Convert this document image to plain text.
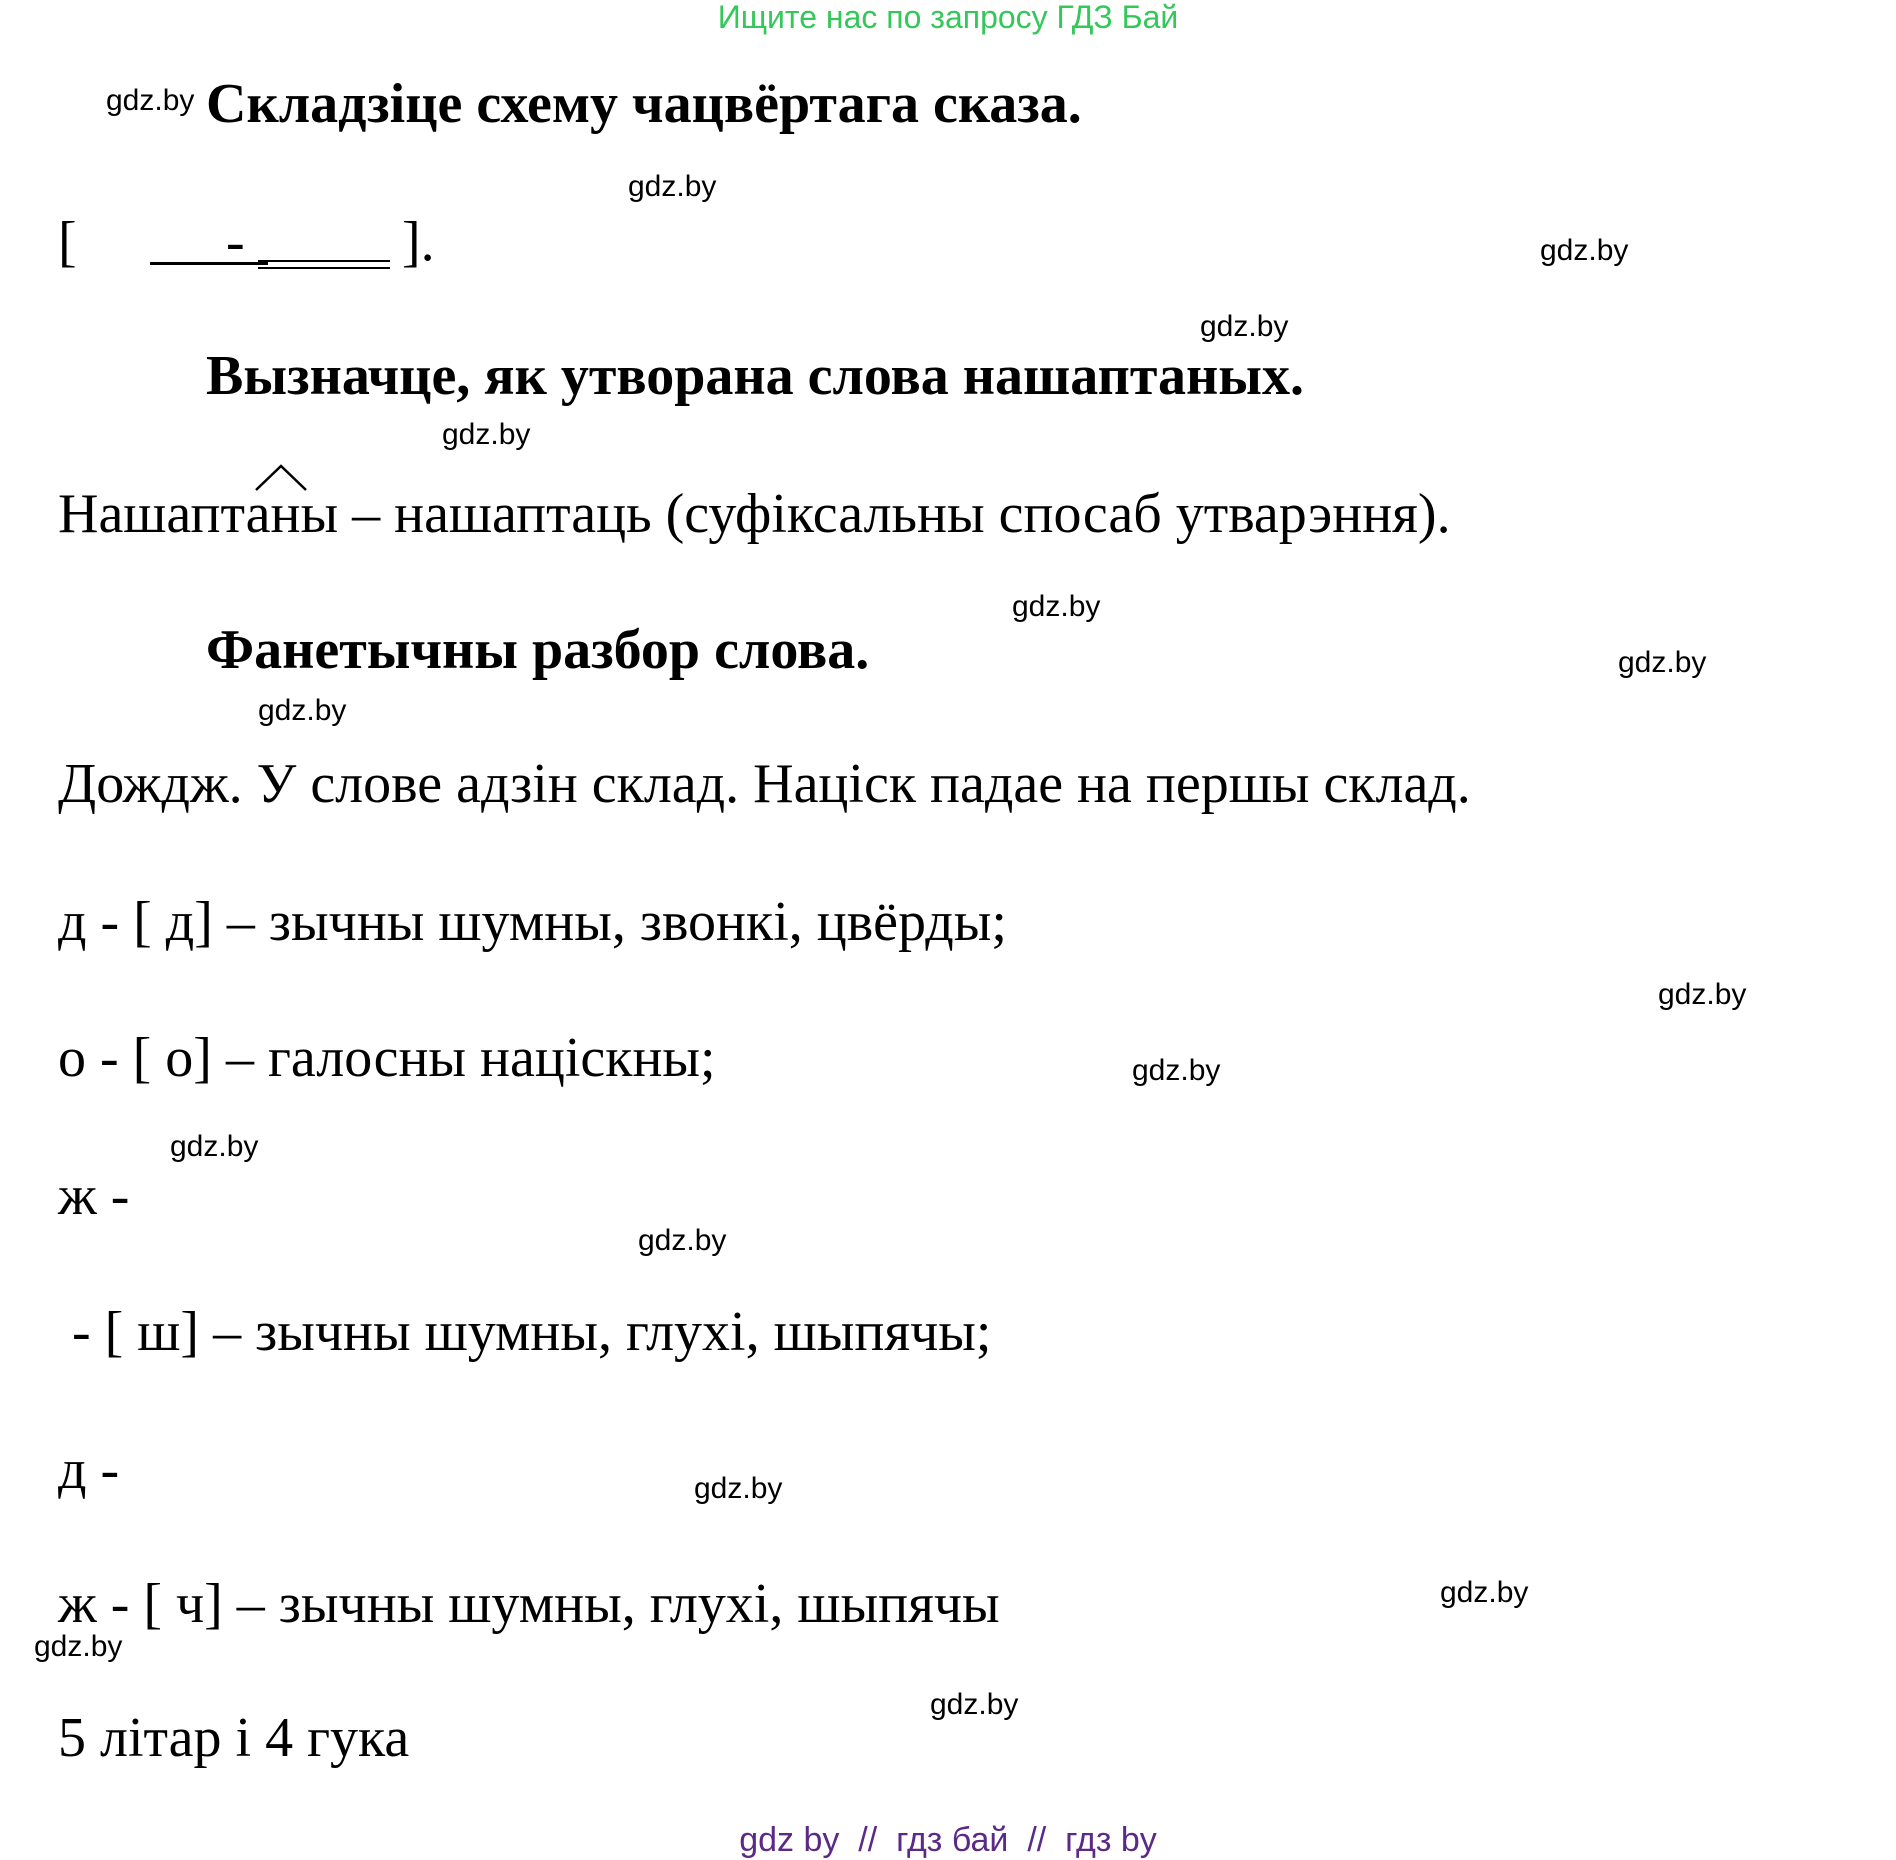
Ищите нас по запросу ГДЗ Бай
gdz.by
gdz.by
gdz.by
gdz.by
gdz.by
gdz.by
gdz.by
gdz.by
gdz.by
gdz.by
gdz.by
gdz.by
gdz.by
gdz.by
gdz.by
gdz.by
Складзіце схему чацвёртага сказа.
[	-	].
Вызначце, як утворана слова нашаптаных.
Нашаптаны – нашаптаць (суфіксальны спосаб утварэння).
Фанетычны разбор слова.
Дождж. У слове адзін склад. Націск падае на першы склад.
д - [ д] – зычны шумны, звонкі, цвёрды;
о - [ о] – галосны націскны;
ж -
- [ ш] – зычны шумны, глухі, шыпячы;
д -
ж - [ ч] – зычны шумны, глухі, шыпячы
5 літар і 4 гука
gdz by  //  гдз бай  //  гдз by
